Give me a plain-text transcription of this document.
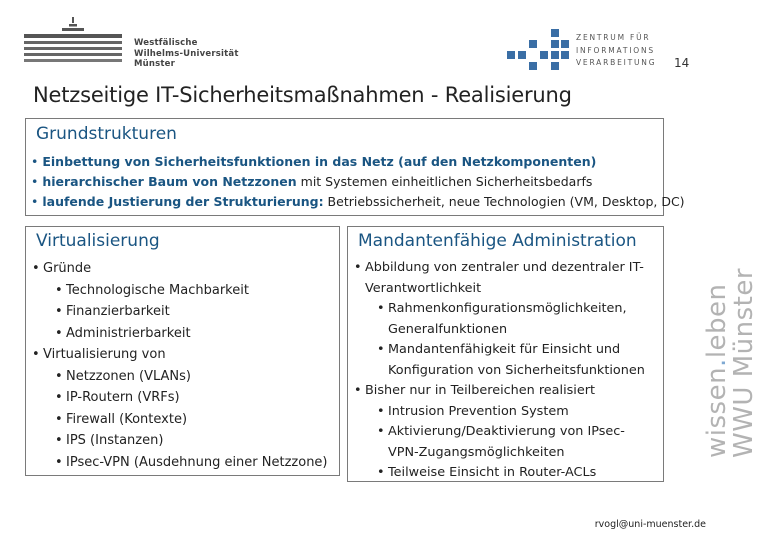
Westfälische
Wilhelms-Universität
Münster
ZENTRUM FÜR
INFORMATIONS
VERARBEITUNG 14
Netzseitige IT-Sicherheitsmaßnahmen - Realisierung
Grundstrukturen
• Einbettung von Sicherheitsfunktionen in das Netz (auf den Netzkomponenten)
• hierarchischer Baum von Netzzonen mit Systemen einheitlichen Sicherheitsbedarfs
• laufende Justierung der Strukturierung: Betriebssicherheit, neue Technologien (VM, Desktop, DC)
Virtualisierung
• Gründe
• Technologische Machbarkeit
• Finanzierbarkeit
• Administrierbarkeit
• Virtualisierung von
• Netzzonen (VLANs)
• IP-Routern (VRFs)
• Firewall (Kontexte)
• IPS (Instanzen)
• IPsec-VPN (Ausdehnung einer Netzzone)
Mandantenfähige Administration
• Abbildung von zentraler und dezentraler IT-Verantwortlichkeit
• Rahmenkonfigurationsmöglichkeiten, Generalfunktionen
• Mandantenfähigkeit für Einsicht und Konfiguration von Sicherheitsfunktionen
• Bisher nur in Teilbereichen realisiert
• Intrusion Prevention System
• Aktivierung/Deaktivierung von IPsec-VPN-Zugangsmöglichkeiten
• Teilweise Einsicht in Router-ACLs
wissen.leben
WWU Münster
rvogl@uni-muenster.de
